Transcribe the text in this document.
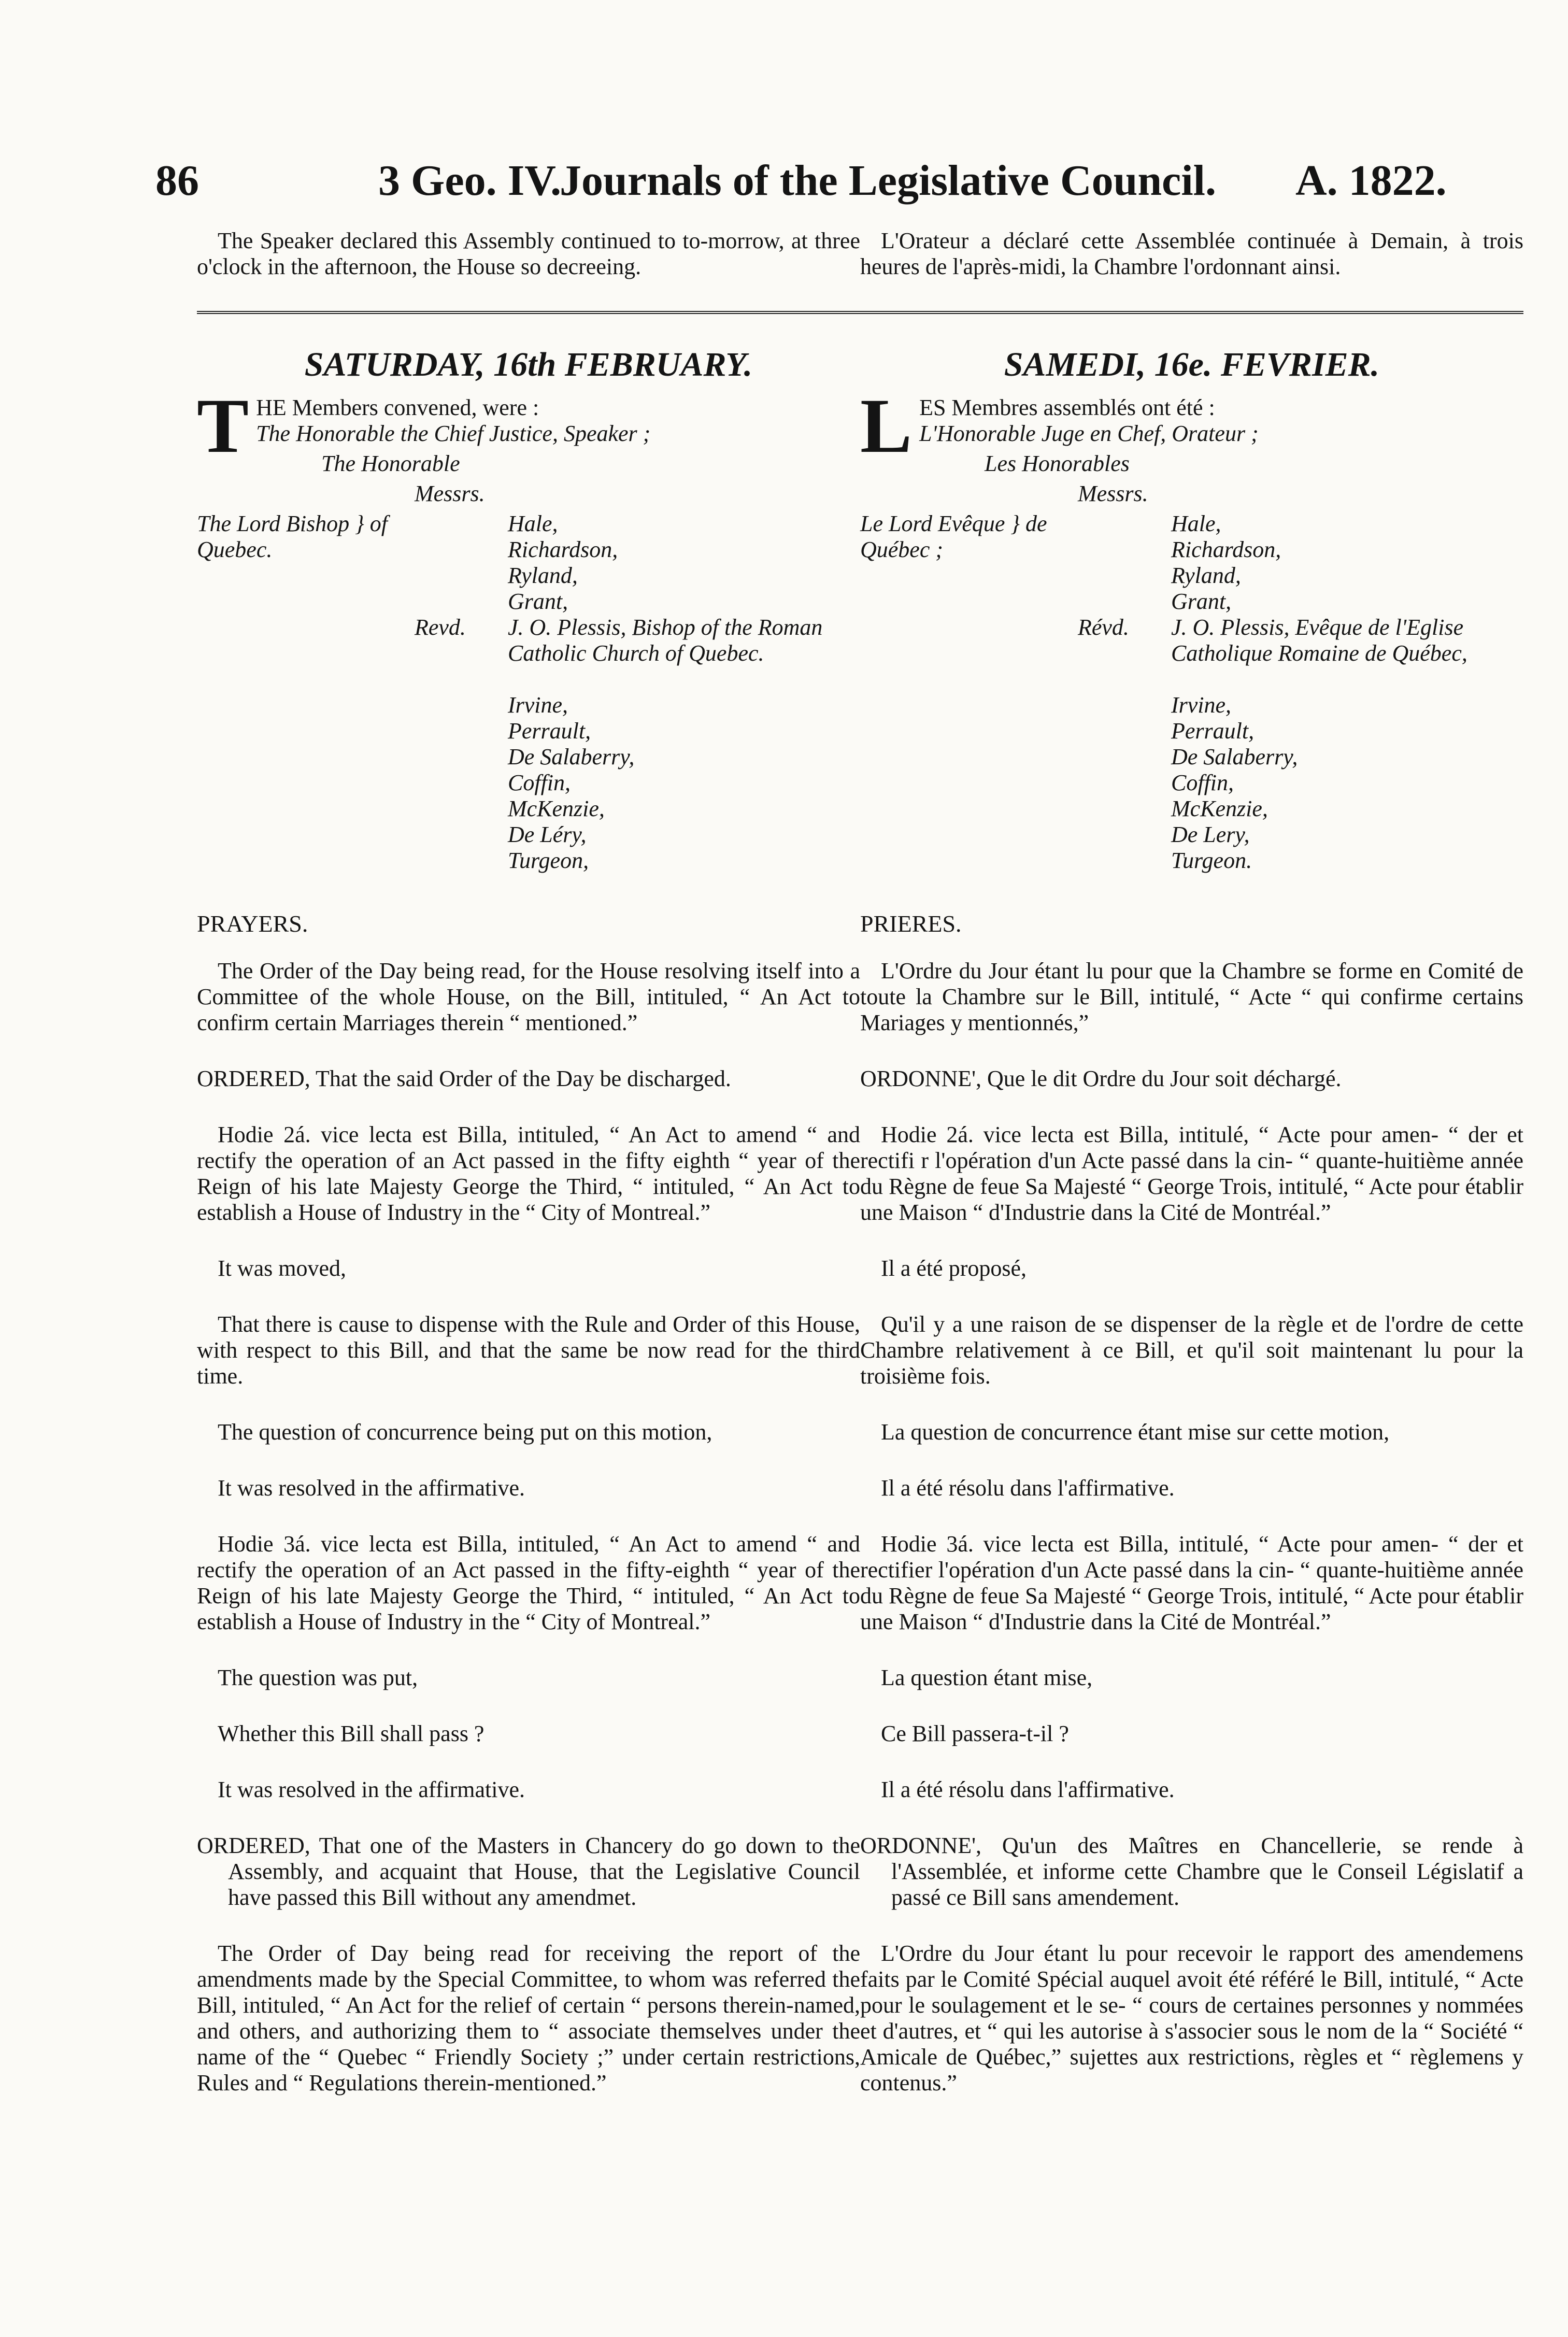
86	3 Geo. IV.
Journals of the Legislative Council. A. 1822.

The Speaker declared this Assembly continued to to-morrow, at three o'clock in the afternoon, the House so decreeing.

SATURDAY, 16th FEBRUARY.
T HE Members convened, were :
The Honorable the Chief Justice, Speaker ;
The Honorable
Messrs.
The Lord Bishop } of Quebec.
Hale,
Richardson,
Ryland,
Grant,
Revd. J. O. Plessis, Bishop of the Roman Catholic Church of Quebec.
Irvine,
Perrault,
De Salaberry,
Coffin,
McKenzie,
De Léry,
Turgeon,
PRAYERS.

The Order of the Day being read, for the House resolving itself into a Committee of the whole House, on the Bill, intituled, “ An Act to confirm certain Marriages therein “ mentioned.”

ORDERED, That the said Order of the Day be discharged.

Hodie 2á. vice lecta est Billa, intituled, “ An Act to amend “ and rectify the operation of an Act passed in the fifty eighth “ year of the Reign of his late Majesty George the Third, “ intituled, “ An Act to establish a House of Industry in the “ City of Montreal.”

It was moved,

That there is cause to dispense with the Rule and Order of this House, with respect to this Bill, and that the same be now read for the third time.

The question of concurrence being put on this motion,

It was resolved in the affirmative.

Hodie 3á. vice lecta est Billa, intituled, “ An Act to amend “ and rectify the operation of an Act passed in the fifty-eighth “ year of the Reign of his late Majesty George the Third, “ intituled, “ An Act to establish a House of Industry in the “ City of Montreal.”

The question was put,

Whether this Bill shall pass ?

It was resolved in the affirmative.

ORDERED, That one of the Masters in Chancery do go down to the Assembly, and acquaint that House, that the Legislative Council have passed this Bill without any amendmet.

The Order of Day being read for receiving the report of the amendments made by the Special Committee, to whom was referred the Bill, intituled, “ An Act for the relief of certain “ persons therein-named, and others, and authorizing them to “ associate themselves under the name of the “ Quebec “ Friendly Society ;” under certain restrictions, Rules and “ Regulations therein-mentioned.”

L'Orateur a déclaré cette Assemblée continuée à Demain, à trois heures de l'après-midi, la Chambre l'ordonnant ainsi.

SAMEDI, 16e. FEVRIER.
L ES Membres assemblés ont été :
L'Honorable Juge en Chef, Orateur ;
Les Honorables
Messrs.
Le Lord Evêque } de Québec ;
Hale,
Richardson,
Ryland,
Grant,
Révd. J. O. Plessis, Evêque de l'Eglise Catholique Romaine de Québec,
Irvine,
Perrault,
De Salaberry,
Coffin,
McKenzie,
De Lery,
Turgeon.
PRIERES.

L'Ordre du Jour étant lu pour que la Chambre se forme en Comité de toute la Chambre sur le Bill, intitulé, “ Acte “ qui confirme certains Mariages y mentionnés,”

ORDONNE', Que le dit Ordre du Jour soit déchargé.

Hodie 2á. vice lecta est Billa, intitulé, “ Acte pour amen- “ der et rectifi r l'opération d'un Acte passé dans la cin- “ quante-huitième année du Règne de feue Sa Majesté “ George Trois, intitulé, “ Acte pour établir une Maison “ d'Industrie dans la Cité de Montréal.”

Il a été proposé,

Qu'il y a une raison de se dispenser de la règle et de l'ordre de cette Chambre relativement à ce Bill, et qu'il soit maintenant lu pour la troisième fois.

La question de concurrence étant mise sur cette motion,

Il a été résolu dans l'affirmative.

Hodie 3á. vice lecta est Billa, intitulé, “ Acte pour amen- “ der et rectifier l'opération d'un Acte passé dans la cin- “ quante-huitième année du Règne de feue Sa Majesté “ George Trois, intitulé, “ Acte pour établir une Maison “ d'Industrie dans la Cité de Montréal.”

La question étant mise,

Ce Bill passera-t-il ?

Il a été résolu dans l'affirmative.

ORDONNE', Qu'un des Maîtres en Chancellerie, se rende à l'Assemblée, et informe cette Chambre que le Conseil Législatif a passé ce Bill sans amendement.

L'Ordre du Jour étant lu pour recevoir le rapport des amendemens faits par le Comité Spécial auquel avoit été référé le Bill, intitulé, “ Acte pour le soulagement et le se- “ cours de certaines personnes y nommées et d'autres, et “ qui les autorise à s'associer sous le nom de la “ Société “ Amicale de Québec,” sujettes aux restrictions, règles et “ règlemens y contenus.”
